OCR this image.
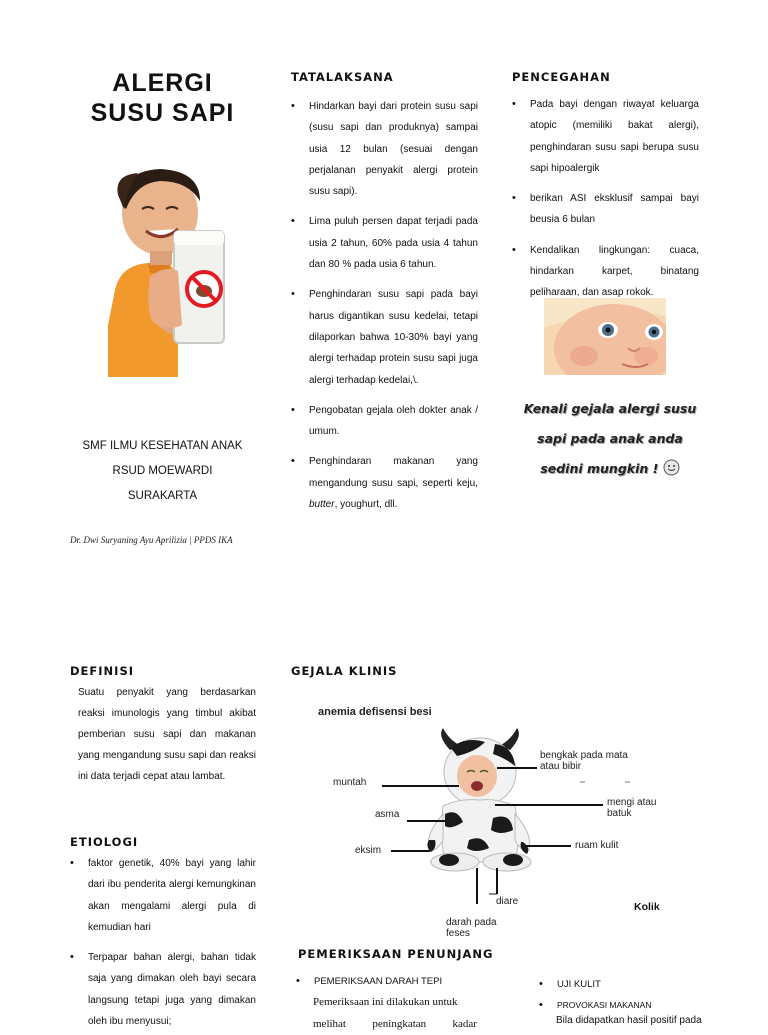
ALERGI
SUSU SAPI
SMF ILMU KESEHATAN ANAK
RSUD MOEWARDI
SURAKARTA
Dr. Dwi Suryaning Ayu Aprilizia | PPDS IKA
TATALAKSANA
• Hindarkan bayi dari protein susu sapi (susu sapi dan produknya) sampai usia 12 bulan (sesuai dengan perjalanan penyakit alergi protein susu sapi).
• Lima puluh persen dapat terjadi pada usia 2 tahun, 60% pada usia 4 tahun dan 80 % pada usia 6 tahun.
• Penghindaran susu sapi pada bayi harus digantikan susu kedelai, tetapi dilaporkan bahwa 10-30% bayi yang alergi terhadap protein susu sapi juga alergi terhadap kedelai,\.
• Pengobatan gejala oleh dokter anak / umum.
• Penghindaran makanan yang mengandung susu sapi, seperti keju, butter, youghurt, dll.
PENCEGAHAN
• Pada bayi dengan riwayat keluarga atopic (memiliki bakat alergi), penghindaran susu sapi berupa susu sapi hipoalergik
• berikan ASI eksklusif sampai bayi beusia 6 bulan
• Kendalikan lingkungan: cuaca, hindarkan karpet, binatang peliharaan, dan asap rokok.
Kenali gejala alergi susu
sapi pada anak anda
sedini mungkin !
DEFINISI
Suatu penyakit yang berdasarkan reaksi imunologis yang timbul akibat pemberian susu sapi dan makanan yang mengandung susu sapi dan reaksi ini data terjadi cepat atau lambat.
ETIOLOGI
• faktor genetik, 40% bayi yang lahir dari ibu penderita alergi kemungkinan akan mengalami alergi pula di kemudian hari
• Terpapar bahan alergi, bahan tidak saja yang dimakan oleh bayi secara langsung tetapi juga yang dimakan oleh ibu menyusui;
GEJALA KLINIS
anemia defisensi besi
muntah
asma
eksim
bengkak pada mata atau bibir
mengi atau batuk
ruam kulit
diare
darah pada feses
Kolik
PEMERIKSAAN PENUNJANG
• PEMERIKSAAN DARAH TEPI
Pemeriksaan ini dilakukan untuk
melihat peningkatan kadar
• UJI KULIT
• PROVOKASI MAKANAN
Bila didapatkan hasil positif pada
